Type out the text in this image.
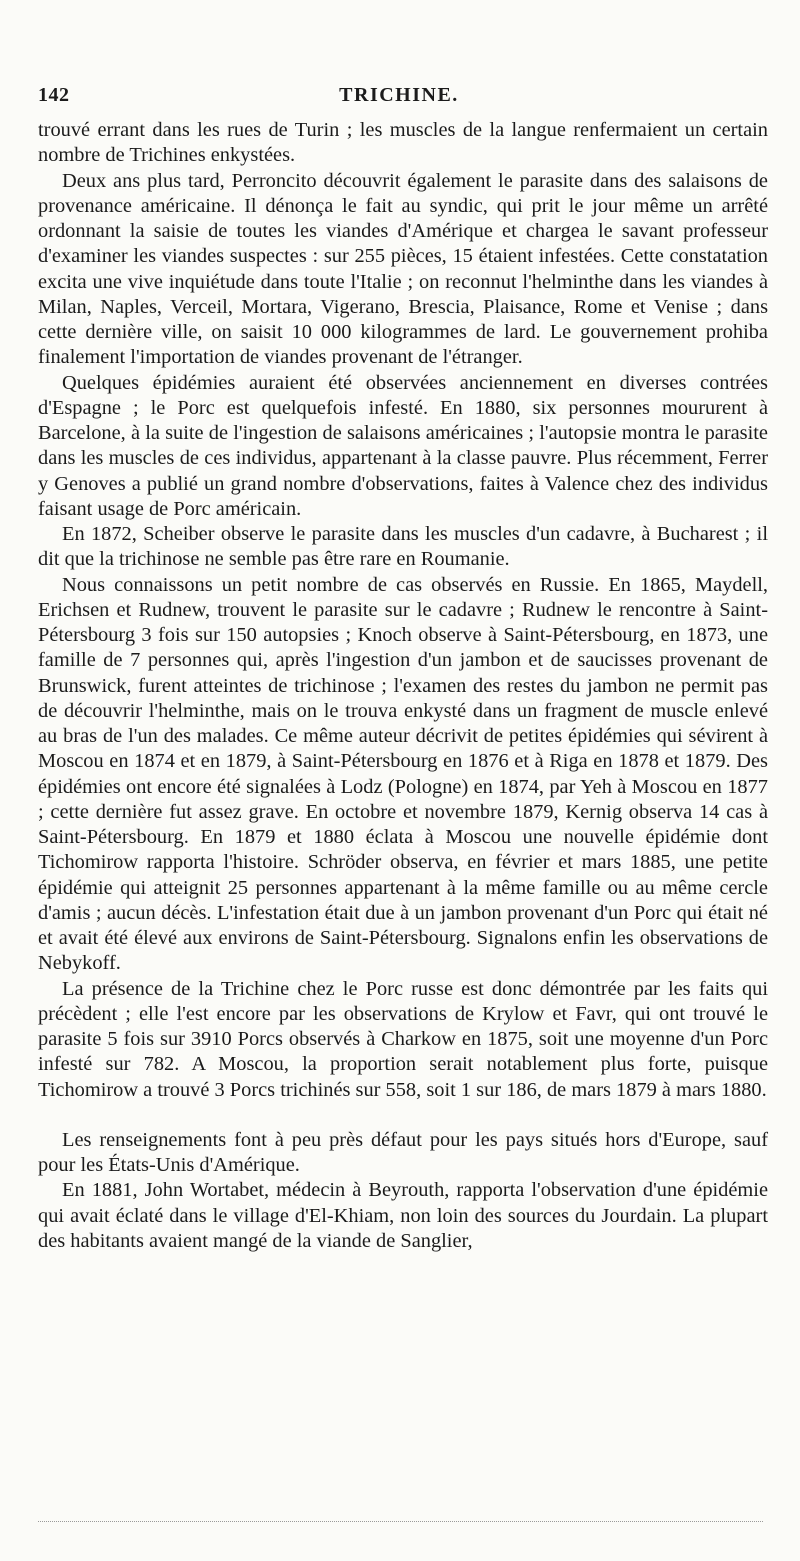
142	TRICHINE.

trouvé errant dans les rues de Turin ; les muscles de la langue renfermaient un certain nombre de Trichines enkystées.

Deux ans plus tard, Perroncito découvrit également le parasite dans des salaisons de provenance américaine. Il dénonça le fait au syndic, qui prit le jour même un arrêté ordonnant la saisie de toutes les viandes d'Amérique et chargea le savant professeur d'examiner les viandes suspectes : sur 255 pièces, 15 étaient infestées. Cette constatation excita une vive inquiétude dans toute l'Italie ; on reconnut l'helminthe dans les viandes à Milan, Naples, Verceil, Mortara, Vigerano, Brescia, Plaisance, Rome et Venise ; dans cette dernière ville, on saisit 10 000 kilogrammes de lard. Le gouvernement prohiba finalement l'importation de viandes provenant de l'étranger.

Quelques épidémies auraient été observées anciennement en diverses contrées d'Espagne ; le Porc est quelquefois infesté. En 1880, six personnes moururent à Barcelone, à la suite de l'ingestion de salaisons américaines ; l'autopsie montra le parasite dans les muscles de ces individus, appartenant à la classe pauvre. Plus récemment, Ferrer y Genoves a publié un grand nombre d'observations, faites à Valence chez des individus faisant usage de Porc américain.

En 1872, Scheiber observe le parasite dans les muscles d'un cadavre, à Bucharest ; il dit que la trichinose ne semble pas être rare en Roumanie.

Nous connaissons un petit nombre de cas observés en Russie. En 1865, Maydell, Erichsen et Rudnew, trouvent le parasite sur le cadavre ; Rudnew le rencontre à Saint-Pétersbourg 3 fois sur 150 autopsies ; Knoch observe à Saint-Pétersbourg, en 1873, une famille de 7 personnes qui, après l'ingestion d'un jambon et de saucisses provenant de Brunswick, furent atteintes de trichinose ; l'examen des restes du jambon ne permit pas de découvrir l'helminthe, mais on le trouva enkysté dans un fragment de muscle enlevé au bras de l'un des malades. Ce même auteur décrivit de petites épidémies qui sévirent à Moscou en 1874 et en 1879, à Saint-Pétersbourg en 1876 et à Riga en 1878 et 1879. Des épidémies ont encore été signalées à Lodz (Pologne) en 1874, par Yeh à Moscou en 1877 ; cette dernière fut assez grave. En octobre et novembre 1879, Kernig observa 14 cas à Saint-Pétersbourg. En 1879 et 1880 éclata à Moscou une nouvelle épidémie dont Tichomirow rapporta l'histoire. Schröder observa, en février et mars 1885, une petite épidémie qui atteignit 25 personnes appartenant à la même famille ou au même cercle d'amis ; aucun décès. L'infestation était due à un jambon provenant d'un Porc qui était né et avait été élevé aux environs de Saint-Pétersbourg. Signalons enfin les observations de Nebykoff.

La présence de la Trichine chez le Porc russe est donc démontrée par les faits qui précèdent ; elle l'est encore par les observations de Krylow et Favr, qui ont trouvé le parasite 5 fois sur 3910 Porcs observés à Charkow en 1875, soit une moyenne d'un Porc infesté sur 782. A Moscou, la proportion serait notablement plus forte, puisque Tichomirow a trouvé 3 Porcs trichinés sur 558, soit 1 sur 186, de mars 1879 à mars 1880.

Les renseignements font à peu près défaut pour les pays situés hors d'Europe, sauf pour les États-Unis d'Amérique.

En 1881, John Wortabet, médecin à Beyrouth, rapporta l'observation d'une épidémie qui avait éclaté dans le village d'El-Khiam, non loin des sources du Jourdain. La plupart des habitants avaient mangé de la viande de Sanglier,
